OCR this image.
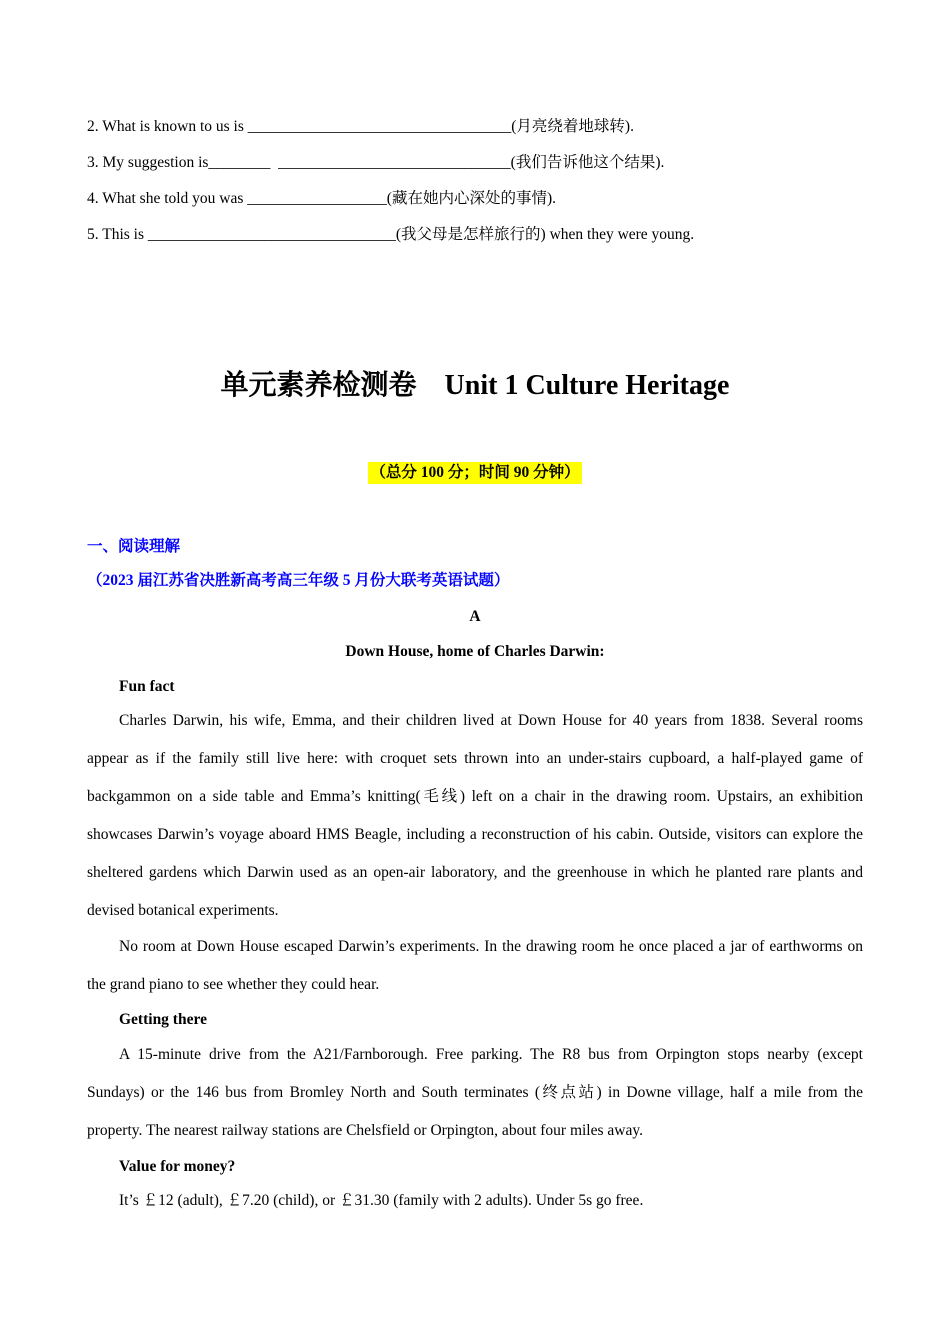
2. What is known to us is __________________________________(月亮绕着地球转).
3. My suggestion is________  ______________________________(我们告诉他这个结果).
4. What she told you was __________________(藏在她内心深处的事情).
5. This is ________________________________(我父母是怎样旅行的) when they were young.
单元素养检测卷    Unit 1 Culture Heritage
（总分 100 分；时间 90 分钟）
一、阅读理解
（2023 届江苏省决胜新高考高三年级 5 月份大联考英语试题）
A
Down House, home of Charles Darwin:
Fun fact

Charles Darwin, his wife, Emma, and their children lived at Down House for 40 years from 1838. Several rooms appear as if the family still live here: with croquet sets thrown into an under-stairs cupboard, a half-played game of backgammon on a side table and Emma’s knitting(毛线) left on a chair in the drawing room. Upstairs, an exhibition showcases Darwin’s voyage aboard HMS Beagle, including a reconstruction of his cabin. Outside, visitors can explore the sheltered gardens which Darwin used as an open-air laboratory, and the greenhouse in which he planted rare plants and devised botanical experiments.

No room at Down House escaped Darwin’s experiments. In the drawing room he once placed a jar of earthworms on the grand piano to see whether they could hear.

Getting there

A 15-minute drive from the A21/Farnborough. Free parking. The R8 bus from Orpington stops nearby (except Sundays) or the 146 bus from Bromley North and South terminates (终点站) in Downe village, half a mile from the property. The nearest railway stations are Chelsfield or Orpington, about four miles away.

Value for money?

It’s ￡12 (adult), ￡7.20 (child), or ￡31.30 (family with 2 adults). Under 5s go free.
